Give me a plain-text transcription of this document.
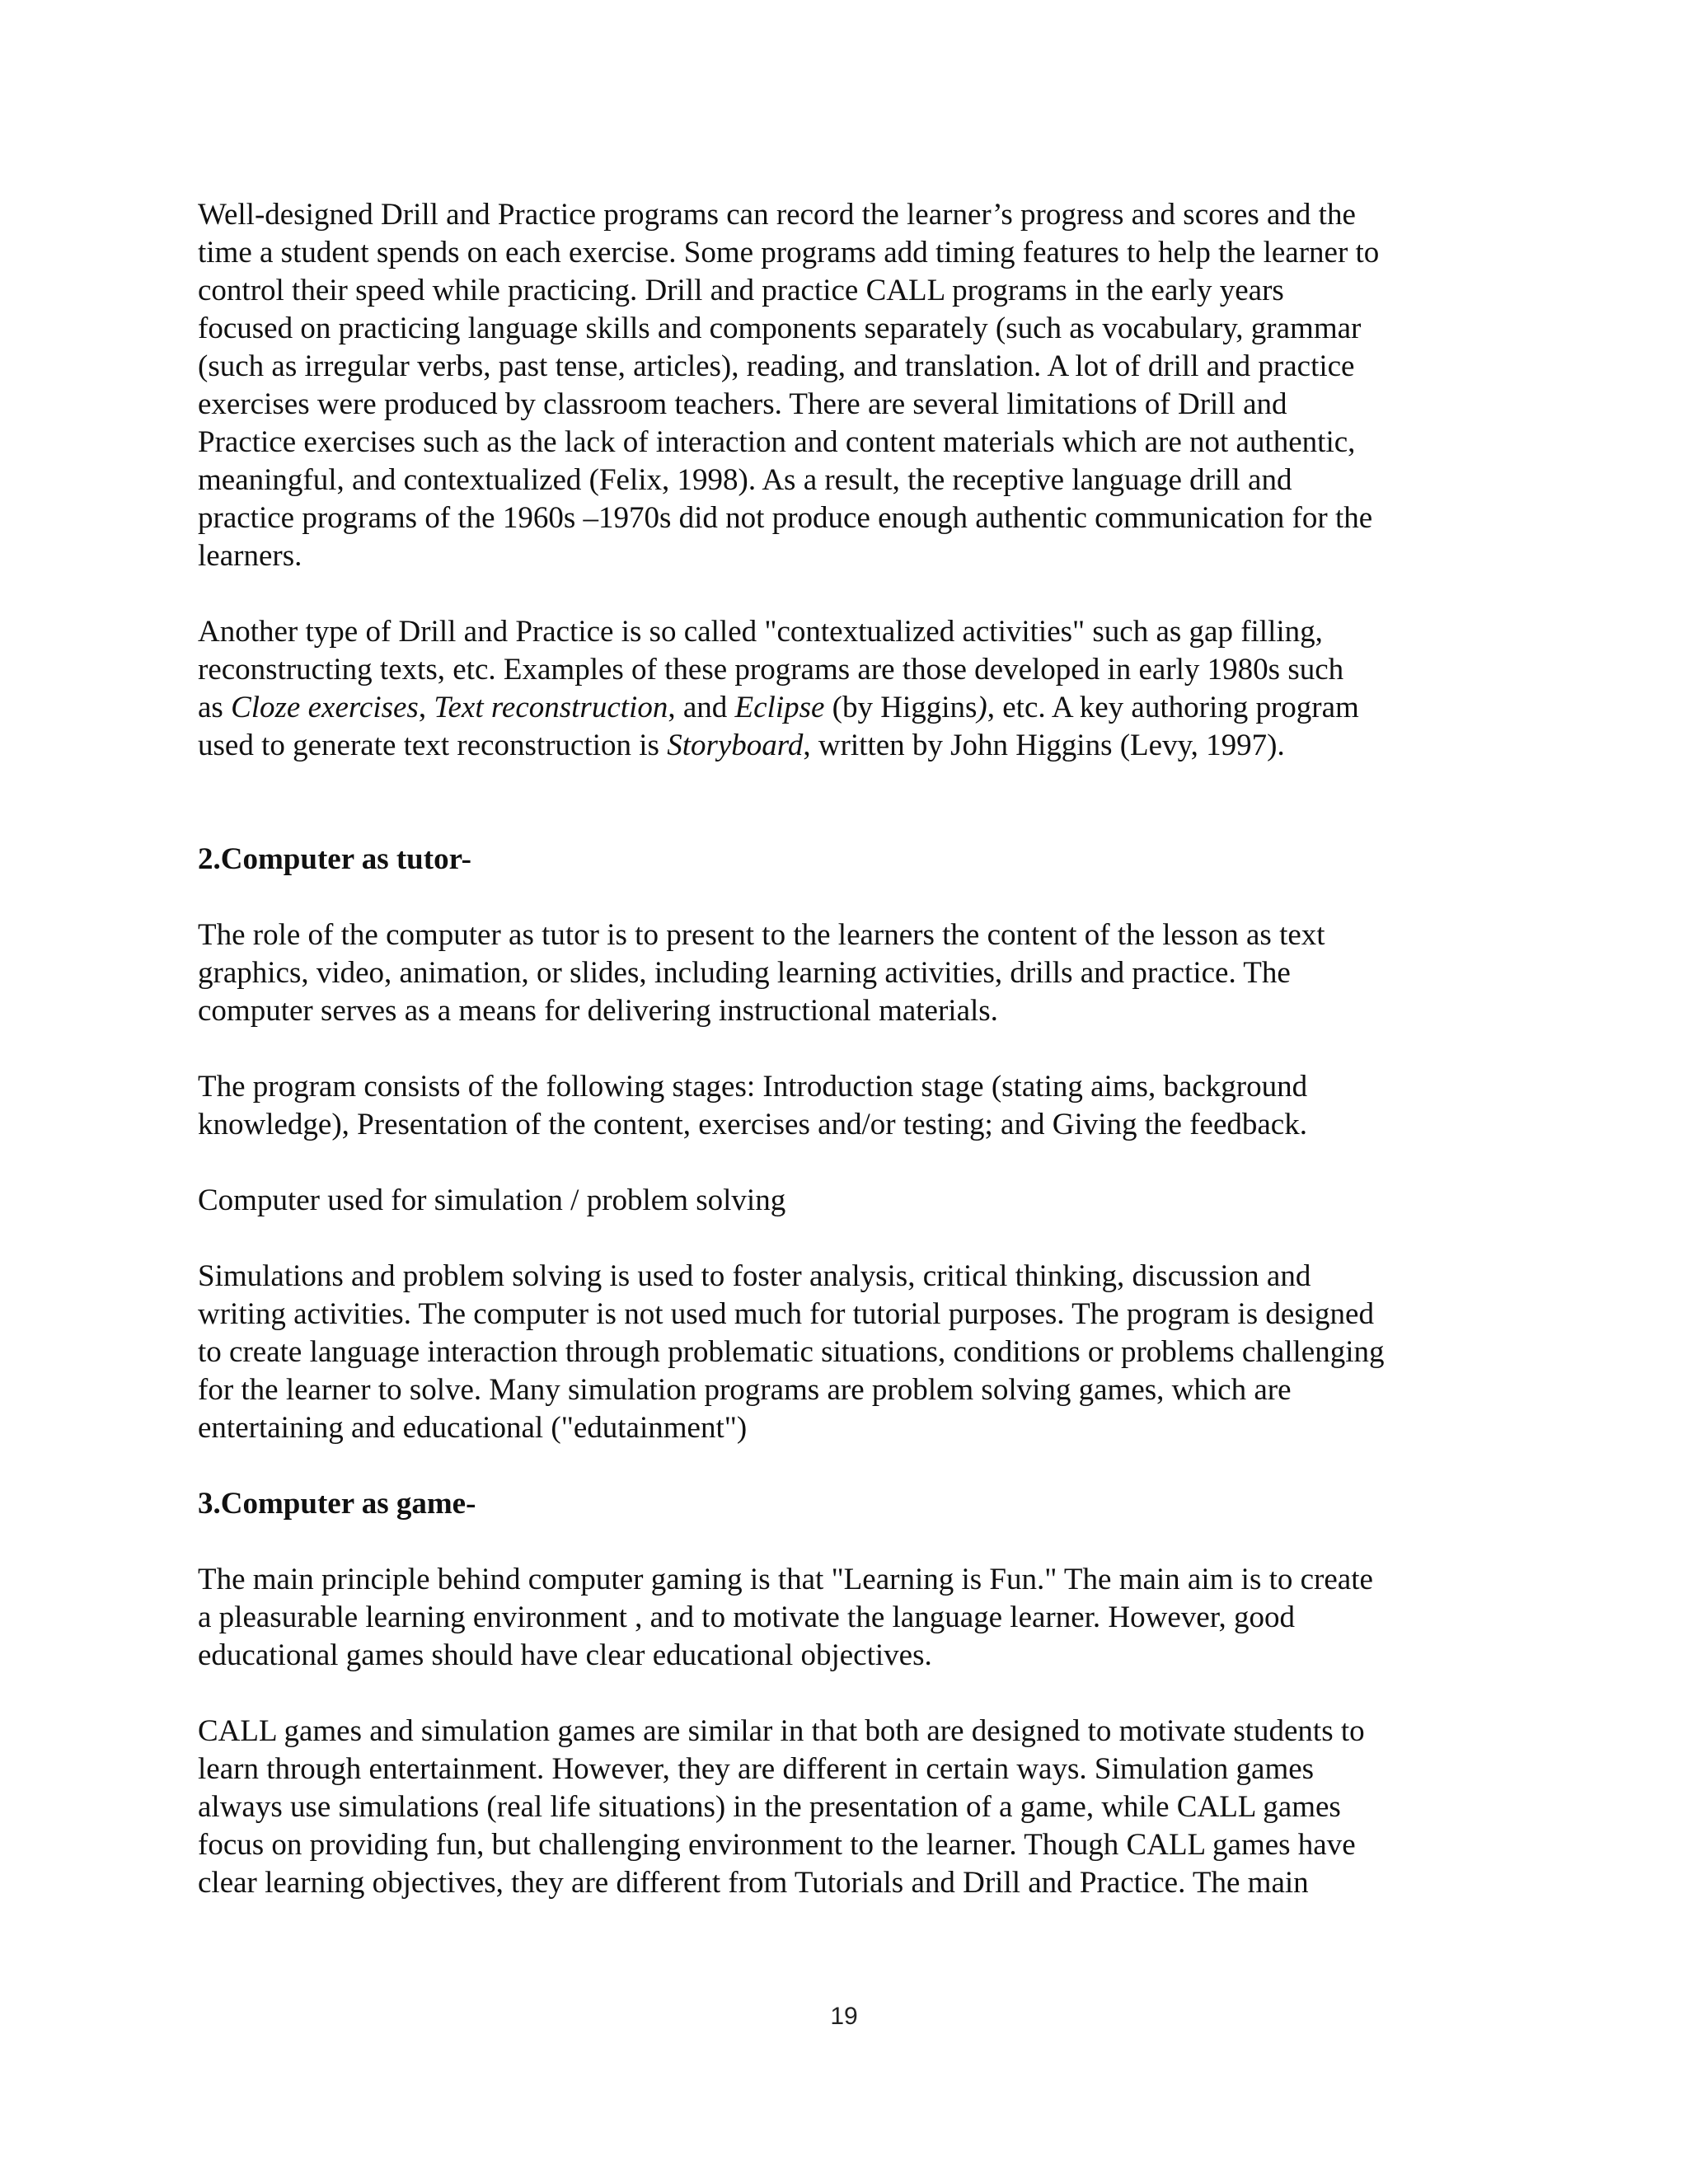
Well-designed Drill and Practice programs can record the learner’s progress and scores and the
time a student spends on each exercise. Some programs add timing features to help the learner to
control their speed while practicing. Drill and practice CALL programs in the early years
focused on practicing language skills and components separately (such as vocabulary, grammar
(such as irregular verbs, past tense, articles), reading, and translation. A lot of drill and practice
exercises were produced by classroom teachers. There are several limitations of Drill and
Practice exercises such as the lack of interaction and content materials which are not authentic,
meaningful, and contextualized (Felix, 1998). As a result, the receptive language drill and
practice programs of the 1960s –1970s did not produce enough authentic communication for the
learners.

Another type of Drill and Practice is so called "contextualized activities" such as gap filling,
reconstructing texts, etc. Examples of these programs are those developed in early 1980s such
as Cloze exercises, Text reconstruction, and Eclipse (by Higgins), etc. A key authoring program
used to generate text reconstruction is Storyboard, written by John Higgins (Levy, 1997).

2.Computer as tutor-

The role of the computer as tutor is to present to the learners the content of the lesson as text
graphics, video, animation, or slides, including learning activities, drills and practice. The
computer serves as a means for delivering instructional materials.

The program consists of the following stages: Introduction stage (stating aims, background
knowledge), Presentation of the content, exercises and/or testing; and Giving the feedback.

Computer used for simulation / problem solving

Simulations and problem solving is used to foster analysis, critical thinking, discussion and
writing activities. The computer is not used much for tutorial purposes. The program is designed
to create language interaction through problematic situations, conditions or problems challenging
for the learner to solve. Many simulation programs are problem solving games, which are
entertaining and educational ("edutainment")

3.Computer as game-

The main principle behind computer gaming is that "Learning is Fun." The main aim is to create
a pleasurable learning environment , and to motivate the language learner. However, good
educational games should have clear educational objectives.

CALL games and simulation games are similar in that both are designed to motivate students to
learn through entertainment. However, they are different in certain ways. Simulation games
always use simulations (real life situations) in the presentation of a game, while CALL games
focus on providing fun, but challenging environment to the learner. Though CALL games have
clear learning objectives, they are different from Tutorials and Drill and Practice. The main

19
